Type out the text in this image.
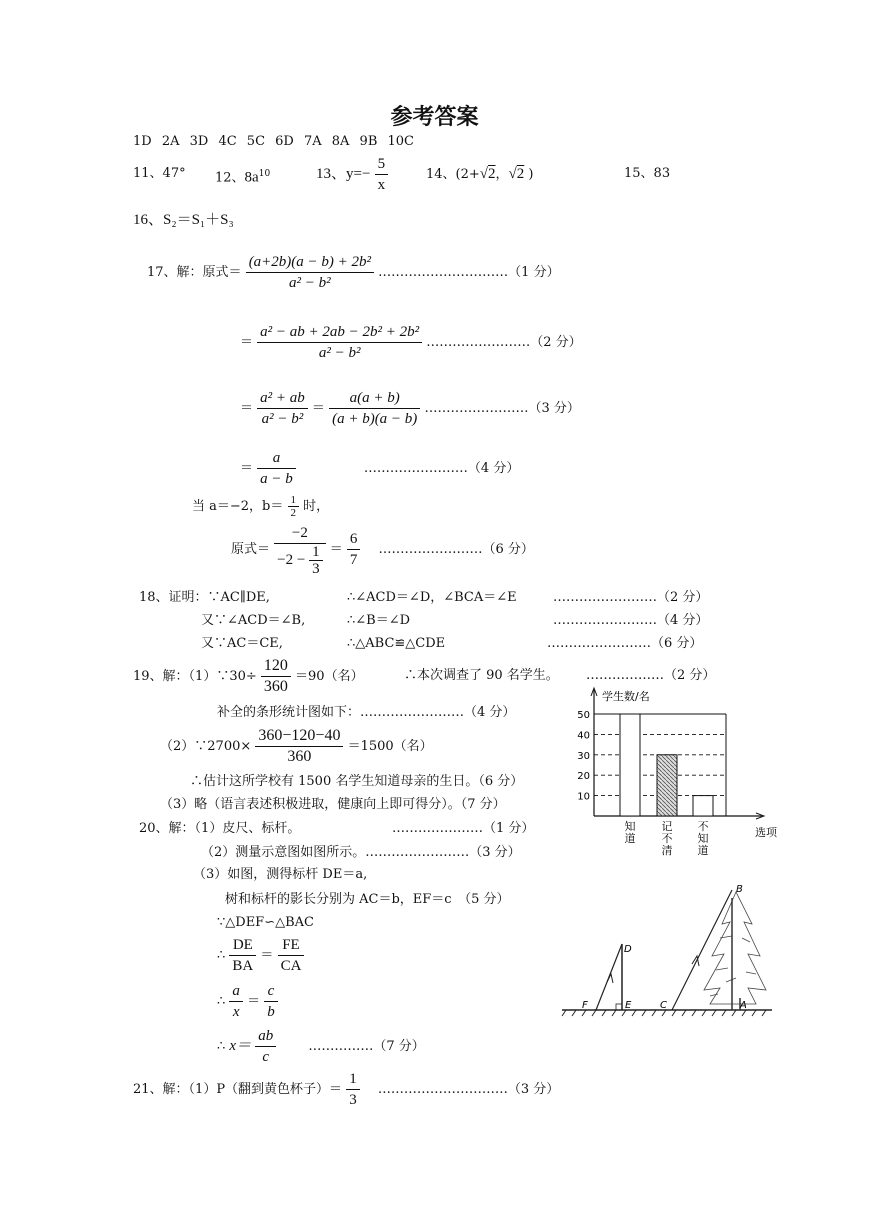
参考答案
1D 2A 3D 4C 5C 6D 7A 8A 9B 10C
11、47° 12、$8a^{10}$	13、$y=- \frac{5}{x}$	14、(2+√2，√2 )	15、83
16、S₂＝S₁＋S₃
17、解：原式＝ $\frac{\text{(a+2b)(a − b) + 2b²}}{\text{a² − b²}}$ …………………………（1 分）
＝ $\frac{\text{a² − ab + 2ab − 2b² + 2b²}}{\text{a² − b²}}$ ……………………（2 分）
＝ $\frac{\text{a² + ab}}{\text{a² − b²}} = \frac{a(a + b)}{(a + b)(a - b)}$ ……………………（3 分）
＝ $\frac{a}{a - b}$	……………………（4 分）
当 a＝−2，$b= \frac{1}{2}$ 时，
原式＝ $\frac{-2}{-2 - \frac{1}{3}} = \frac{6}{7}$ ……………………（6 分）
18、证明：∵AC∥DE,	∴∠ACD＝∠D，∠BCA＝∠E	……………………（2 分）
又∵∠ACD＝∠B,	∴∠B＝∠D	……………………（4 分）
又∵AC＝CE,	∴△ABC≌△CDE	……………………（6 分）
19、解：（1）∵30÷ $\frac{120}{360} =90$（名）	∴本次调查了 90 名学生。 ………………（2 分）
补全的条形统计图如下：……………………（4 分）
（2）∵2700× $\frac{360-120-40}{360} =1500$（名）
∴估计这所学校有 1500 名学生知道母亲的生日。（6 分）
（3）略（语言表述积极进取，健康向上即可得分）。（7 分）	10
20
30
40
50
学生数/名
选项
知
道
记
不
清
不
知
道
20、解：（1）皮尺、标杆。	…………………（1 分）
（2）测量示意图如图所示。……………………（3 分）
（3）如图，测得标杆 DE＝a,
树和标杆的影长分别为 AC＝b，EF＝c　（5 分）
∵△DEF∽△BAC
∴ $\frac{DE}{BA} = \frac{FE}{CA}$
∴ $\frac{a}{x} = \frac{c}{b}$
∴ $x= \frac{ab}{c}$ ……………（7 分）
B
D
F	E	C	A
21、解：（1）P（翻到黄色杯子）＝ $\frac{1}{3}$ …………………………（3 分）
